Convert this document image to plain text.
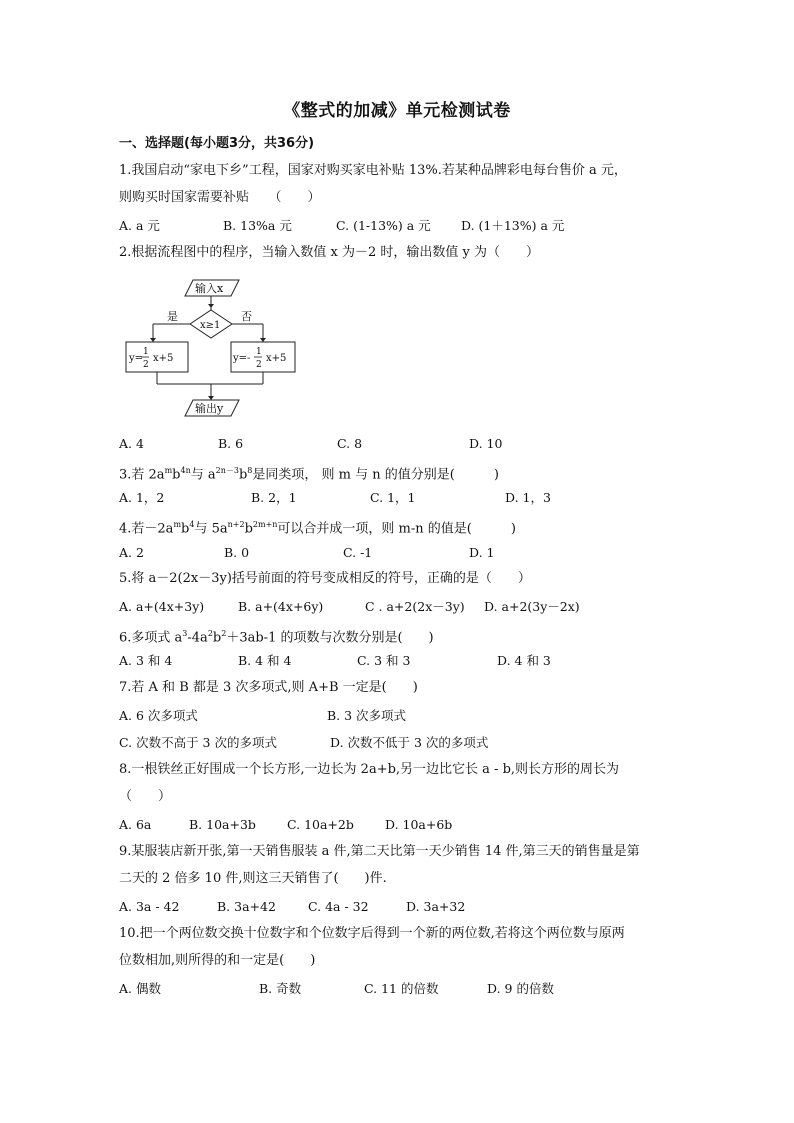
《整式的加减》单元检测试卷
一、选择题(每小题3分，共36分)
1.我国启动“家电下乡”工程，国家对购买家电补贴 13%.若某种品牌彩电每台售价 a 元，
则购买时国家需要补贴　　（　　）
A. a 元	B. 13%a 元	C. (1-13%) a 元 D. (1＋13%) a 元
2.根据流程图中的程序，当输入数值 x 为－2 时，输出数值 y 为（　　）
输入x
x≥1
是	否
y=
1
2
x+5	y=-
1
2
x+5
输出y
A. 4	B. 6	C. 8	D. 10
3.若 $2a^mb^{4n}$与 $a^{2n-3}b^8$是同类项， 则 m 与 n 的值分别是(　　　)
A. 1，2	B. 2，1	C. 1，1	D. 1，3
4.若$-2a^mb^4$与 $5a^{n+2}b^{2m+n}$可以合并成一项，则 m-n 的值是(　　　)
A. 2	B. 0	C. -1	D. 1
5.将 a－2(2x－3y)括号前面的符号变成相反的符号，正确的是（　　）
A. a+(4x+3y)	B. a+(4x+6y)	C . a+2(2x－3y) D. a+2(3y－2x)
6.多项式 $a^3-4a^2b^2+3ab-1$ 的项数与次数分别是(　　)
A. 3 和 4	B. 4 和 4	C. 3 和 3	D. 4 和 3
7.若 A 和 B 都是 3 次多项式,则 A+B 一定是(　　)
A. 6 次多项式	B. 3 次多项式
C. 次数不高于 3 次的多项式	D. 次数不低于 3 次的多项式
8.一根铁丝正好围成一个长方形,一边长为 2a+b,另一边比它长 a - b,则长方形的周长为
（　　）
A. 6a	B. 10a+3b C. 10a+2b D. 10a+6b
9.某服装店新开张,第一天销售服装 a 件,第二天比第一天少销售 14 件,第三天的销售量是第
二天的 2 倍多 10 件,则这三天销售了(　　)件.
A. 3a - 42	B. 3a+42	C. 4a - 32	D. 3a+32
10.把一个两位数交换十位数字和个位数字后得到一个新的两位数,若将这个两位数与原两
位数相加,则所得的和一定是(　　)
A. 偶数	B. 奇数	C. 11 的倍数	D. 9 的倍数
